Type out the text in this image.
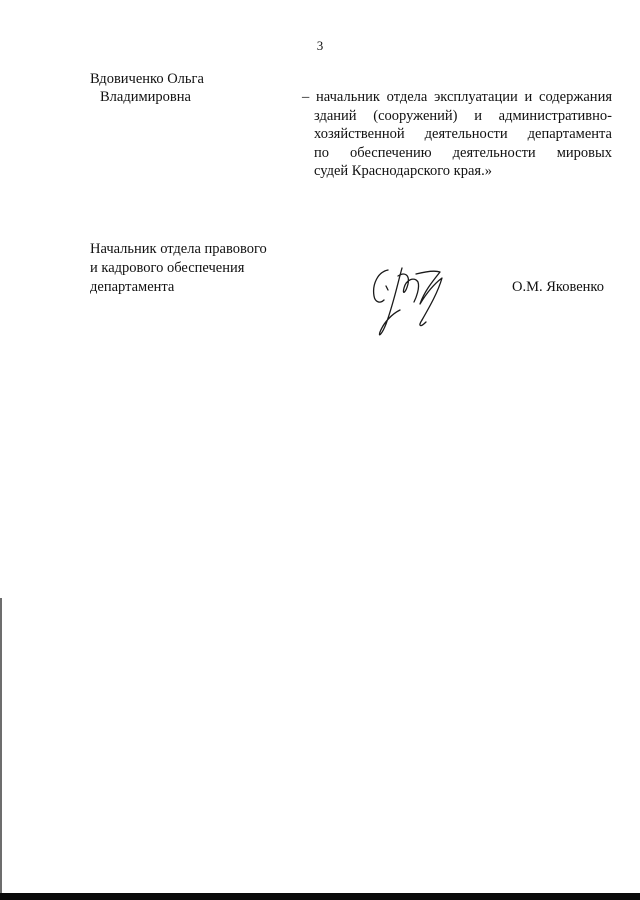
3
Вдовиченко Ольга
Владимировна	– начальник отдела эксплуатации и содержания
зданий (сооружений) и административно-
хозяйственной деятельности департамента
по обеспечению деятельности мировых
судей Краснодарского края.»
Начальник отдела правового
и кадрового обеспечения
департамента	О.М. Яковенко
